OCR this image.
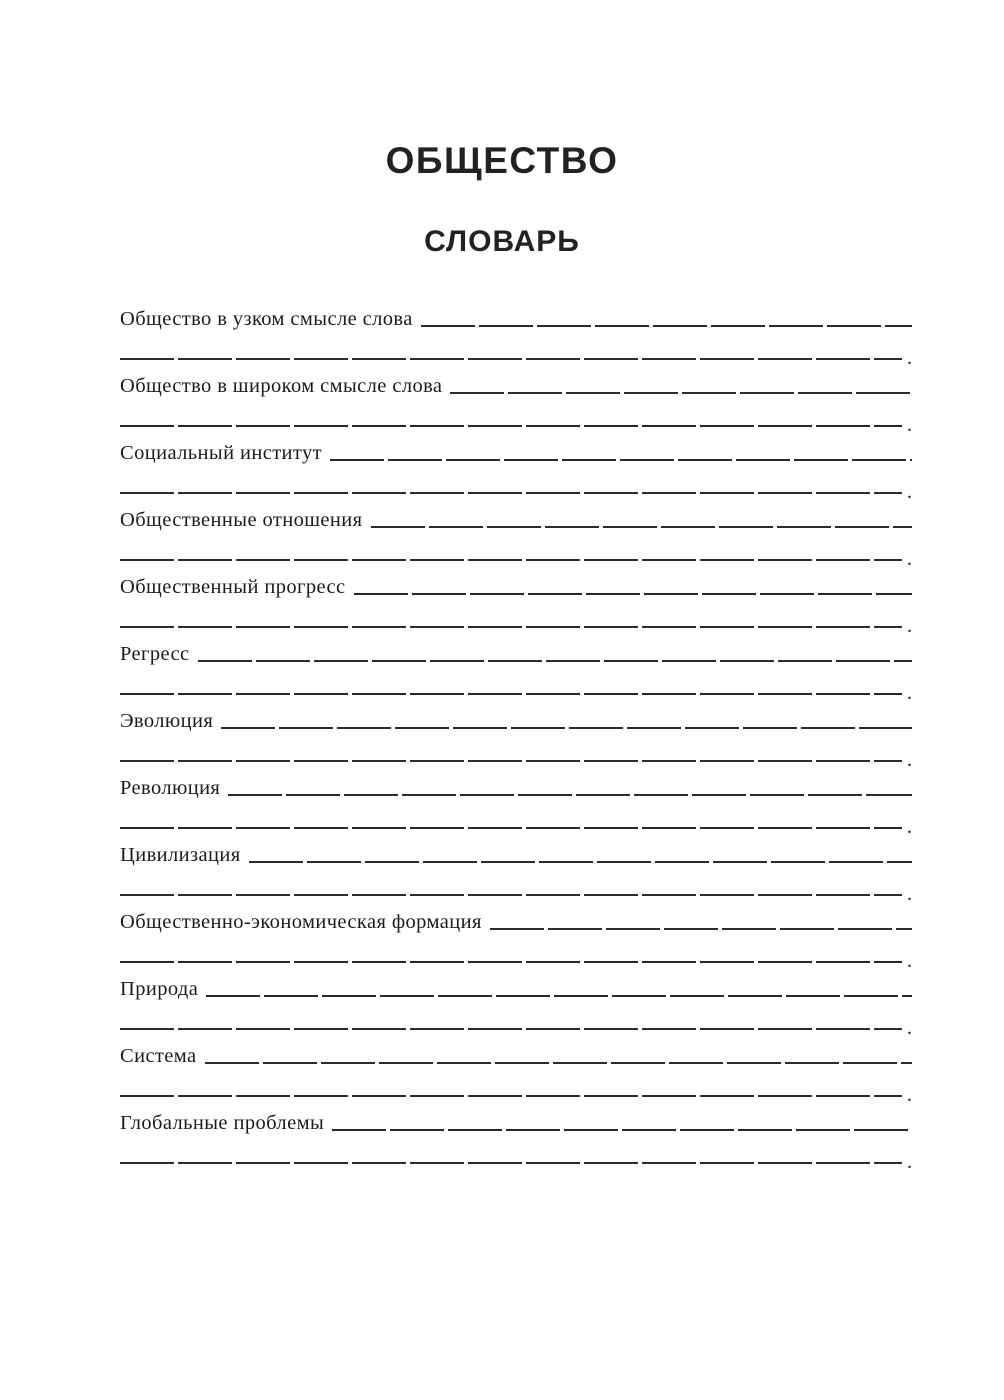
ОБЩЕСТВО
СЛОВАРЬ
Общество в узком смысле слова
.
Общество в широком смысле слова
.
Социальный институт
.
Общественные отношения
.
Общественный прогресс
.
Регресс
.
Эволюция
.
Революция
.
Цивилизация
.
Общественно-экономическая формация
.
Природа
.
Система
.
Глобальные проблемы
.
